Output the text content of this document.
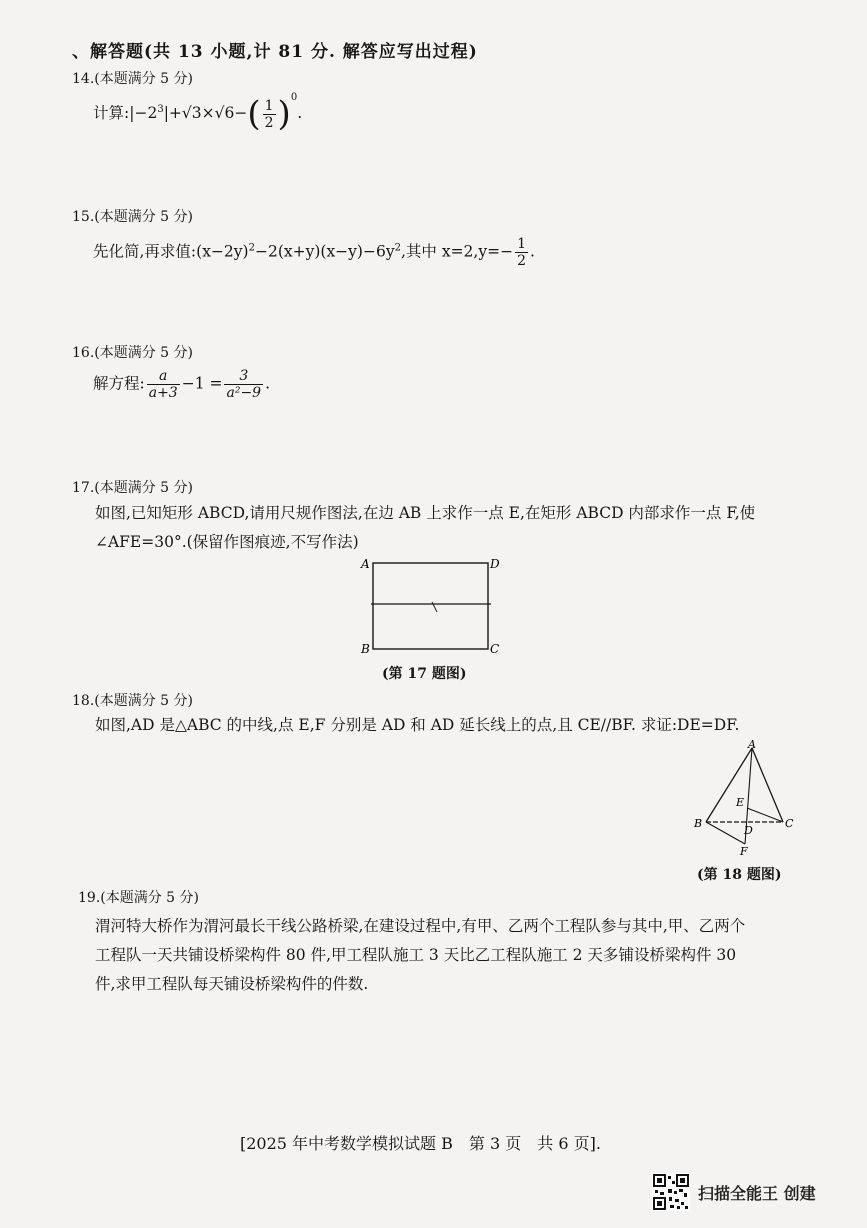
、解答题(共 13 小题,计 81 分. 解答应写出过程)
14.(本题满分 5 分)
计算$:|-2^3|+√3\times√6-( \frac{1}{2} )^0$.
15.(本题满分 5 分)
先化简,再求值$:(x-2y)^2-2(x+y)(x-y)-6y^2$,其中 $x=2,y=- \frac{1}{2}$ .
16.(本题满分 5 分)
解方程: $\frac{a}{a+3} -1 = \frac{3}{\text{a²−9}}$ .
17.(本题满分 5 分)
如图,已知矩形 ABCD,请用尺规作图法,在边 AB 上求作一点 E,在矩形 ABCD 内部求作一点 F,使
∠AFE=30°.(保留作图痕迹,不写作法)
A
B	C
D
(第 17 题图)
18.(本题满分 5 分)
如图,AD 是△ABC 的中线,点 E,F 分别是 AD 和 AD 延长线上的点,且 CE//BF. 求证:DE=DF.
A
B	C
D
E
F
(第 18 题图)
19.(本题满分 5 分)
渭河特大桥作为渭河最长干线公路桥梁,在建设过程中,有甲、乙两个工程队参与其中,甲、乙两个
工程队一天共铺设桥梁构件 80 件,甲工程队施工 3 天比乙工程队施工 2 天多铺设桥梁构件 30
件,求甲工程队每天铺设桥梁构件的件数.
[2025 年中考数学模拟试题 B　第 3 页　共 6 页].
扫描全能王 创建
